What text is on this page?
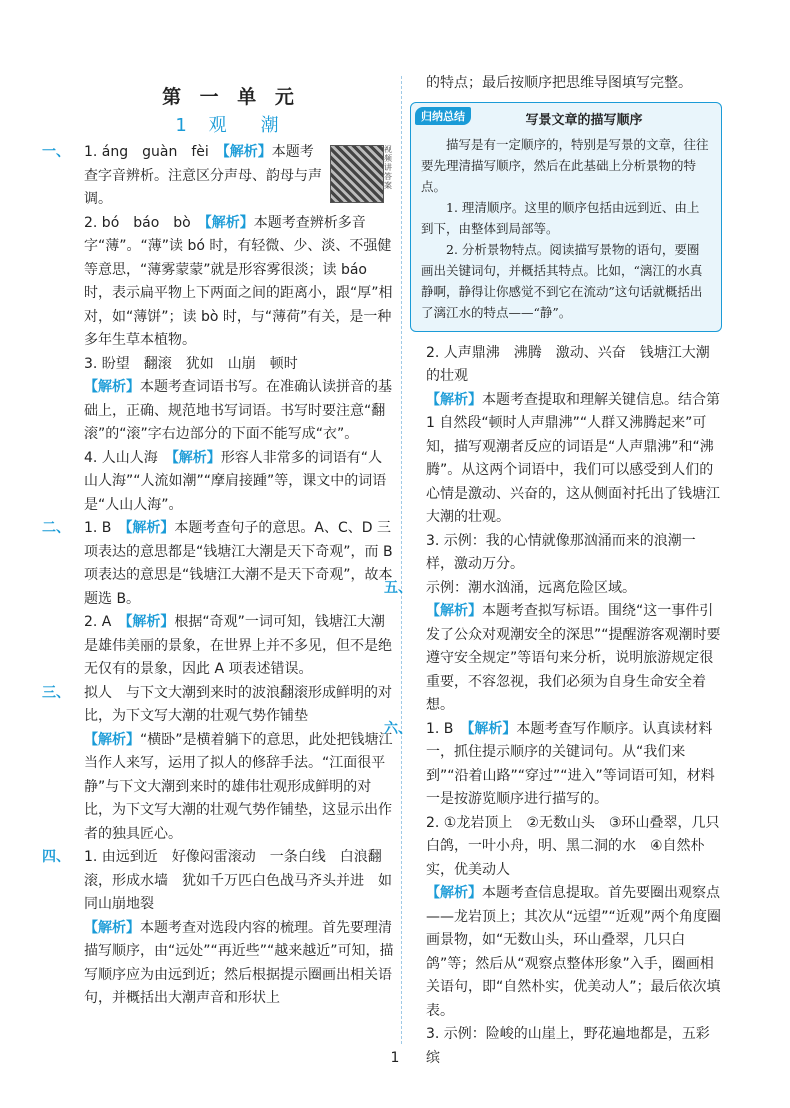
第 一 单 元
1 观　潮

视频讲答案
一、 1. áng　guàn　fèi　【解析】本题考查字音辨析。注意区分声母、韵母与声调。

2. bó　báo　bò　【解析】本题考查辨析多音字“薄”。“薄”读 bó 时，有轻微、少、淡、不强健等意思，“薄雾蒙蒙”就是形容雾很淡；读 báo 时，表示扁平物上下两面之间的距离小，跟“厚”相对，如“薄饼”；读 bò 时，与“薄荷”有关，是一种多年生草本植物。

3. 盼望　翻滚　犹如　山崩　顿时

【解析】本题考查词语书写。在准确认读拼音的基础上，正确、规范地书写词语。书写时要注意“翻滚”的“滚”字右边部分的下面不能写成“衣”。

4. 人山人海　【解析】形容人非常多的词语有“人山人海”“人流如潮”“摩肩接踵”等，课文中的词语是“人山人海”。

二、 1. B　【解析】本题考查句子的意思。A、C、D 三项表达的意思都是“钱塘江大潮是天下奇观”，而 B 项表达的意思是“钱塘江大潮不是天下奇观”，故本题选 B。

2. A　【解析】根据“奇观”一词可知，钱塘江大潮是雄伟美丽的景象，在世界上并不多见，但不是绝无仅有的景象，因此 A 项表述错误。

三、 拟人　与下文大潮到来时的波浪翻滚形成鲜明的对比，为下文写大潮的壮观气势作铺垫

【解析】“横卧”是横着躺下的意思，此处把钱塘江当作人来写，运用了拟人的修辞手法。“江面很平静”与下文大潮到来时的雄伟壮观形成鲜明的对比，为下文写大潮的壮观气势作铺垫，这显示出作者的独具匠心。

四、 1. 由远到近　好像闷雷滚动　一条白线　白浪翻滚，形成水墙　犹如千万匹白色战马齐头并进　如同山崩地裂

【解析】本题考查对选段内容的梳理。首先要理清描写顺序，由“远处”“再近些”“越来越近”可知，描写顺序应为由远到近；然后根据提示圈画出相关语句，并概括出大潮声音和形状上

的特点；最后按顺序把思维导图填写完整。

归纳总结	写景文章的描写顺序

描写是有一定顺序的，特别是写景的文章，往往要先理清描写顺序，然后在此基础上分析景物的特点。

1. 理清顺序。这里的顺序包括由远到近、由上到下，由整体到局部等。

2. 分析景物特点。阅读描写景物的语句，要圈画出关键词句，并概括其特点。比如，“漓江的水真静啊，静得让你感觉不到它在流动”这句话就概括出了漓江水的特点——“静”。

2. 人声鼎沸　沸腾　激动、兴奋　钱塘江大潮的壮观

【解析】本题考查提取和理解关键信息。结合第 1 自然段“顿时人声鼎沸”“人群又沸腾起来”可知，描写观潮者反应的词语是“人声鼎沸”和“沸腾”。从这两个词语中，我们可以感受到人们的心情是激动、兴奋的，这从侧面衬托出了钱塘江大潮的壮观。

3. 示例：我的心情就像那汹涌而来的浪潮一样，激动万分。

五、 示例：潮水汹涌，远离危险区域。

【解析】本题考查拟写标语。围绕“这一事件引发了公众对观潮安全的深思”“提醒游客观潮时要遵守安全规定”等语句来分析，说明旅游规定很重要，不容忽视，我们必须为自身生命安全着想。

六、 1. B　【解析】本题考查写作顺序。认真读材料一，抓住提示顺序的关键词句。从“我们来到”“沿着山路”“穿过”“进入”等词语可知，材料一是按游览顺序进行描写的。

2. ①龙岩顶上　②无数山头　③环山叠翠，几只白鸽，一叶小舟，明、黑二洞的水　④自然朴实，优美动人

【解析】本题考查信息提取。首先要圈出观察点——龙岩顶上；其次从“远望”“近观”两个角度圈画景物，如“无数山头，环山叠翠，几只白鸽”等；然后从“观察点整体形象”入手，圈画相关语句，即“自然朴实，优美动人”；最后依次填表。

3. 示例：险峻的山崖上，野花遍地都是，五彩缤

1
